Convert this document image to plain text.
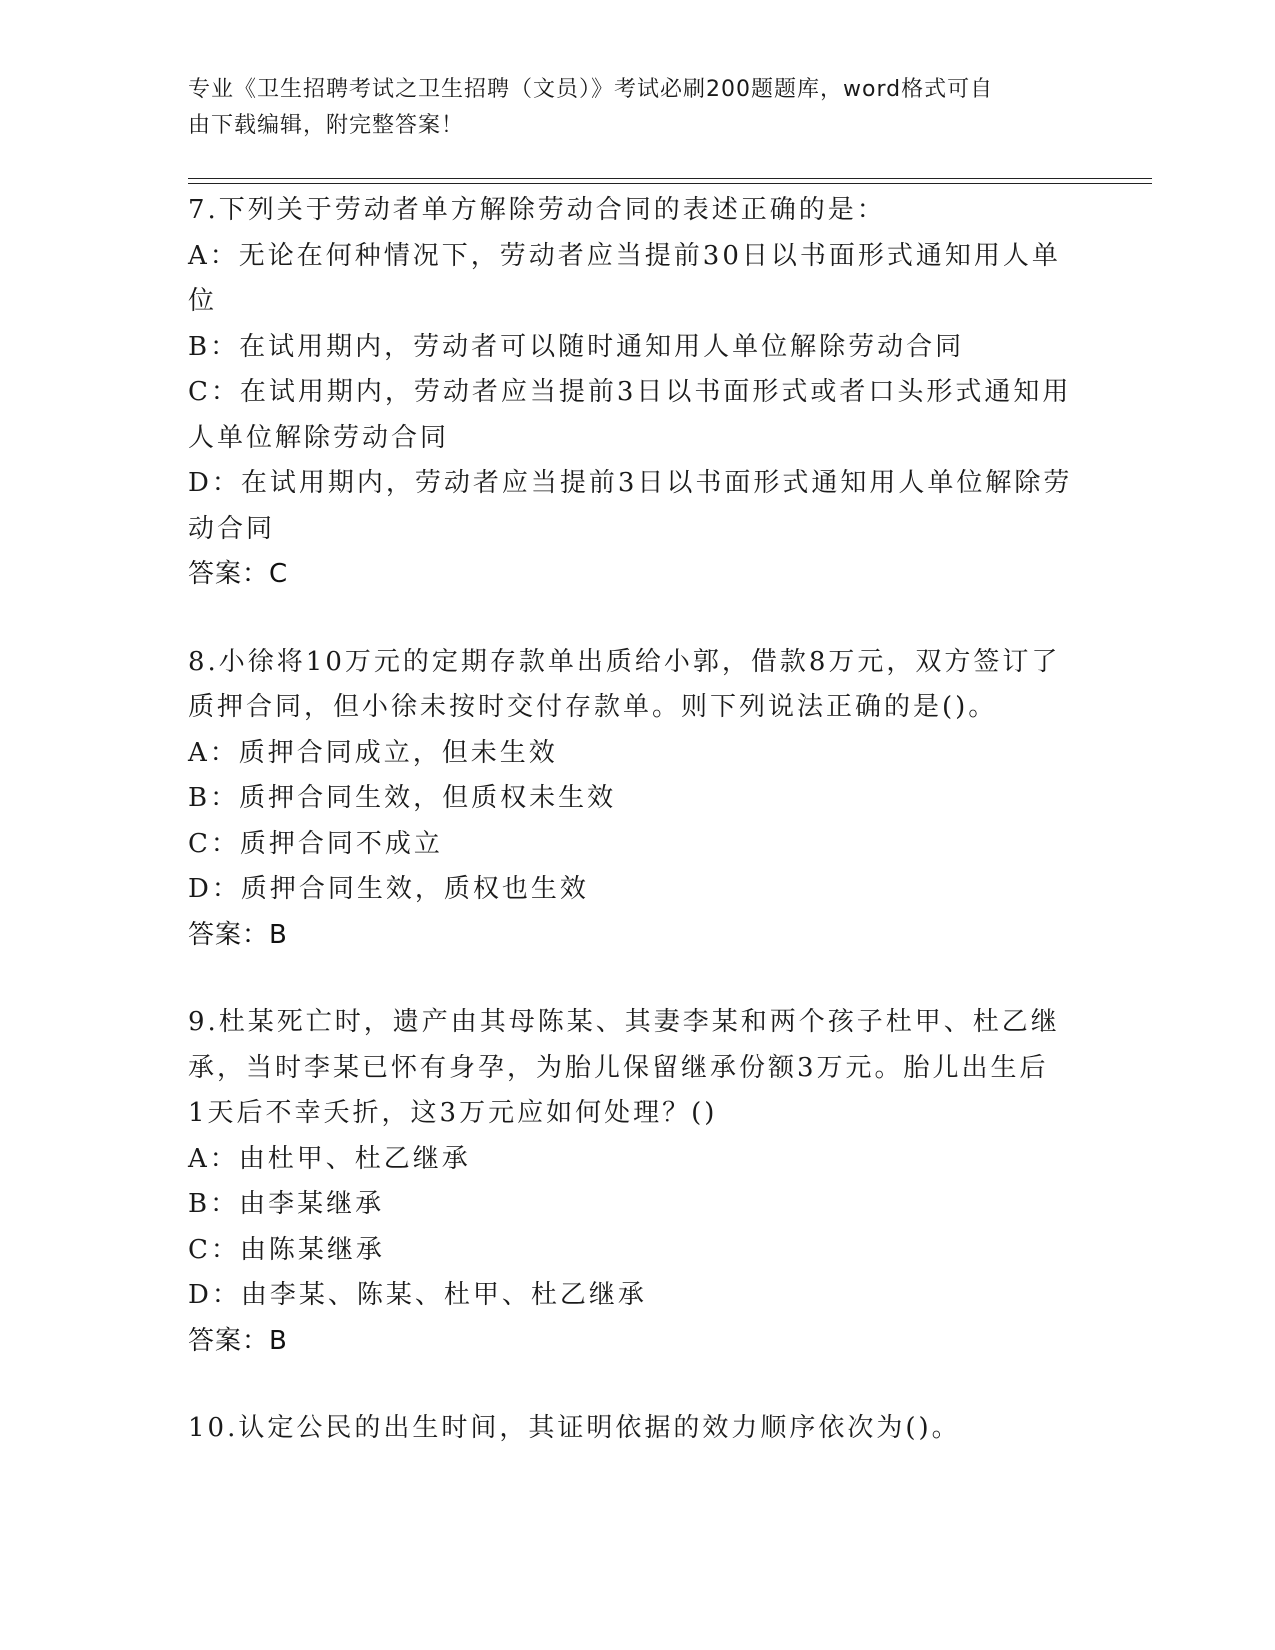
专业《卫生招聘考试之卫生招聘（文员）》考试必刷200题题库，word格式可自
由下载编辑，附完整答案！
7.下列关于劳动者单方解除劳动合同的表述正确的是：
A：无论在何种情况下，劳动者应当提前30日以书面形式通知用人单
位
B：在试用期内，劳动者可以随时通知用人单位解除劳动合同
C：在试用期内，劳动者应当提前3日以书面形式或者口头形式通知用
人单位解除劳动合同
D：在试用期内，劳动者应当提前3日以书面形式通知用人单位解除劳
动合同
答案：C
8.小徐将10万元的定期存款单出质给小郭，借款8万元，双方签订了
质押合同，但小徐未按时交付存款单。则下列说法正确的是()。
A：质押合同成立，但未生效
B：质押合同生效，但质权未生效
C：质押合同不成立
D：质押合同生效，质权也生效
答案：B
9.杜某死亡时，遗产由其母陈某、其妻李某和两个孩子杜甲、杜乙继
承，当时李某已怀有身孕，为胎儿保留继承份额3万元。胎儿出生后
1天后不幸夭折，这3万元应如何处理？()
A：由杜甲、杜乙继承
B：由李某继承
C：由陈某继承
D：由李某、陈某、杜甲、杜乙继承
答案：B
10.认定公民的出生时间，其证明依据的效力顺序依次为()。
